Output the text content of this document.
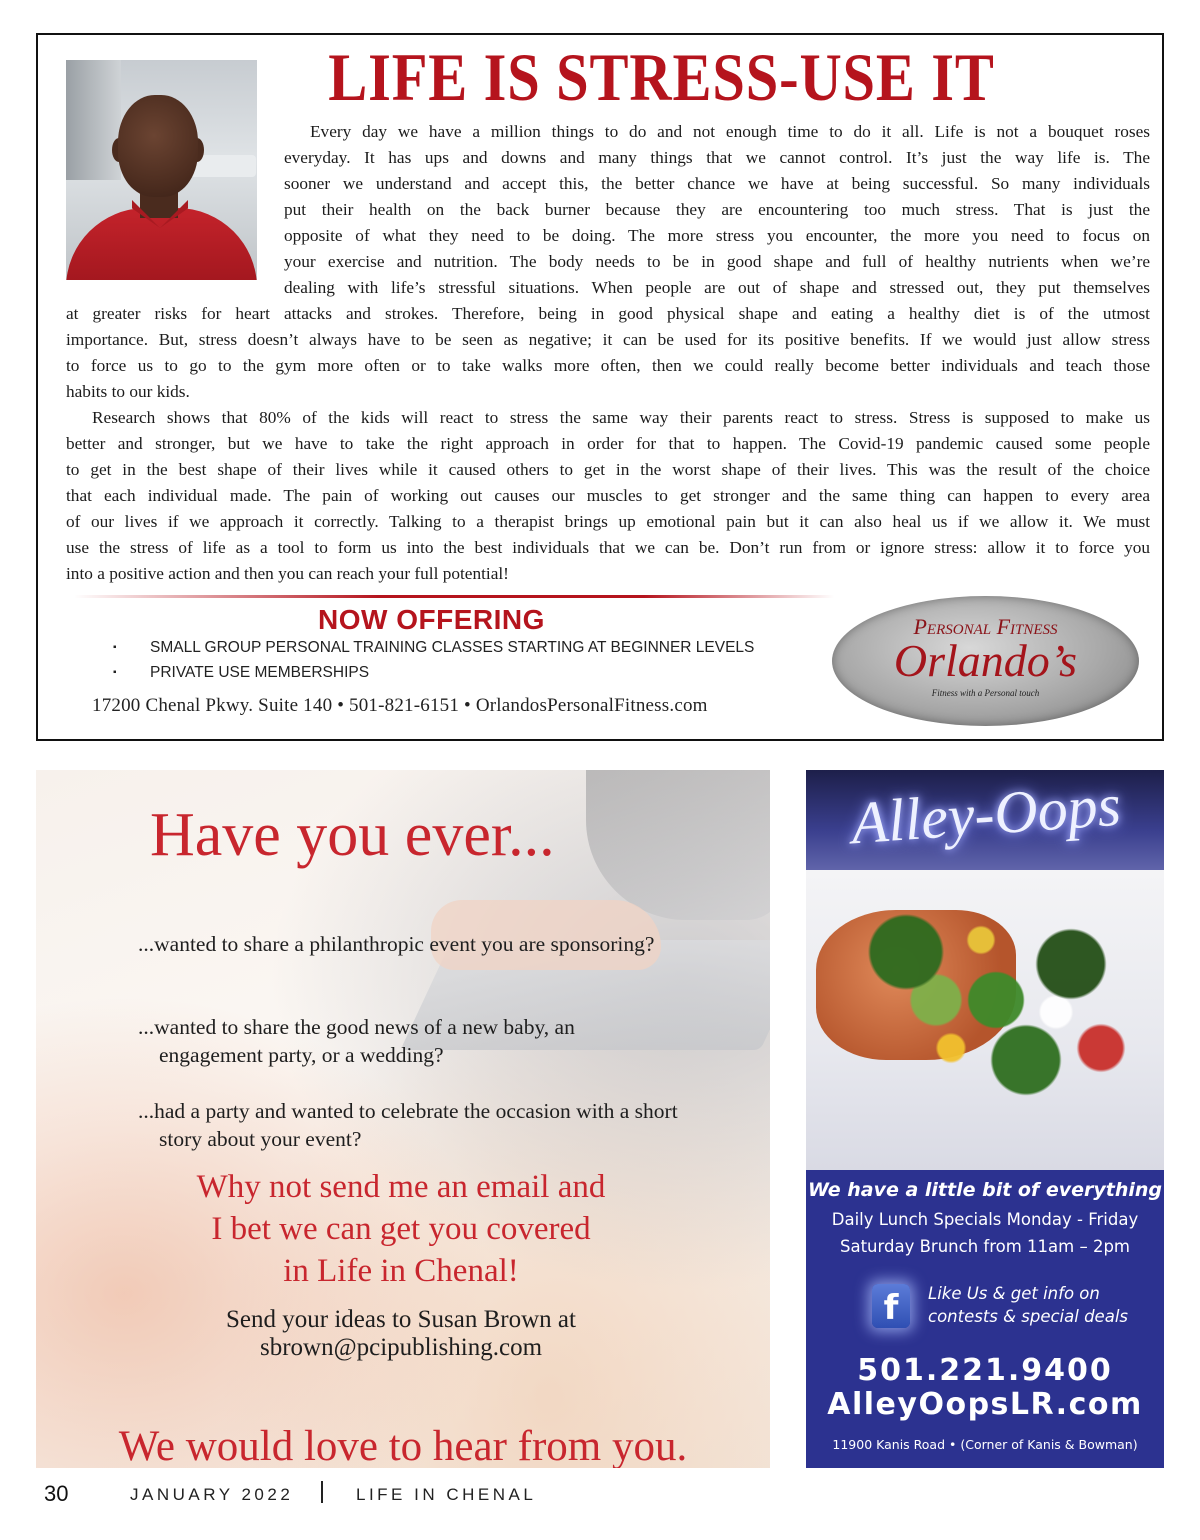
LIFE IS STRESS-USE IT
Every day we have a million things to do and not enough time to do it all. Life is not a bouquet roses
everyday. It has ups and downs and many things that we cannot control. It’s just the way life is. The
sooner we understand and accept this, the better chance we have at being successful. So many individuals
put their health on the back burner because they are encountering too much stress. That is just the
opposite of what they need to be doing. The more stress you encounter, the more you need to focus on
your exercise and nutrition. The body needs to be in good shape and full of healthy nutrients when we’re
dealing with life’s stressful situations. When people are out of shape and stressed out, they put themselves
at greater risks for heart attacks and strokes. Therefore, being in good physical shape and eating a healthy diet is of the utmost
importance. But, stress doesn’t always have to be seen as negative; it can be used for its positive benefits. If we would just allow stress
to force us to go to the gym more often or to take walks more often, then we could really become better individuals and teach those
habits to our kids.
Research shows that 80% of the kids will react to stress the same way their parents react to stress. Stress is supposed to make us
better and stronger, but we have to take the right approach in order for that to happen. The Covid-19 pandemic caused some people
to get in the best shape of their lives while it caused others to get in the worst shape of their lives. This was the result of the choice
that each individual made. The pain of working out causes our muscles to get stronger and the same thing can happen to every area
of our lives if we approach it correctly. Talking to a therapist brings up emotional pain but it can also heal us if we allow it. We must
use the stress of life as a tool to form us into the best individuals that we can be. Don’t run from or ignore stress: allow it to force you
into a positive action and then you can reach your full potential!
NOW OFFERING
▪ SMALL GROUP PERSONAL TRAINING CLASSES STARTING AT BEGINNER LEVELS
▪ PRIVATE USE MEMBERSHIPS
17200 Chenal Pkwy. Suite 140 • 501-821-6151 • OrlandosPersonalFitness.com
Personal Fitness
Orlando’s
Fitness with a Personal touch
Have you ever...
...wanted to share a philanthropic event you are sponsoring?
...wanted to share the good news of a new baby, an engagement party, or a wedding?
...had a party and wanted to celebrate the occasion with a short story about your event?
Why not send me an email and
I bet we can get you covered
in Life in Chenal!
Send your ideas to Susan Brown at
sbrown@pcipublishing.com
We would love to hear from you.
Alley-Oops
We have a little bit of everything
Daily Lunch Specials Monday - Friday
Saturday Brunch from 11am – 2pm
f	Like Us & get info on
contests & special deals
501.221.9400
AlleyOopsLR.com
11900 Kanis Road • (Corner of Kanis & Bowman)
30	JANUARY 2022	LIFE IN CHENAL
